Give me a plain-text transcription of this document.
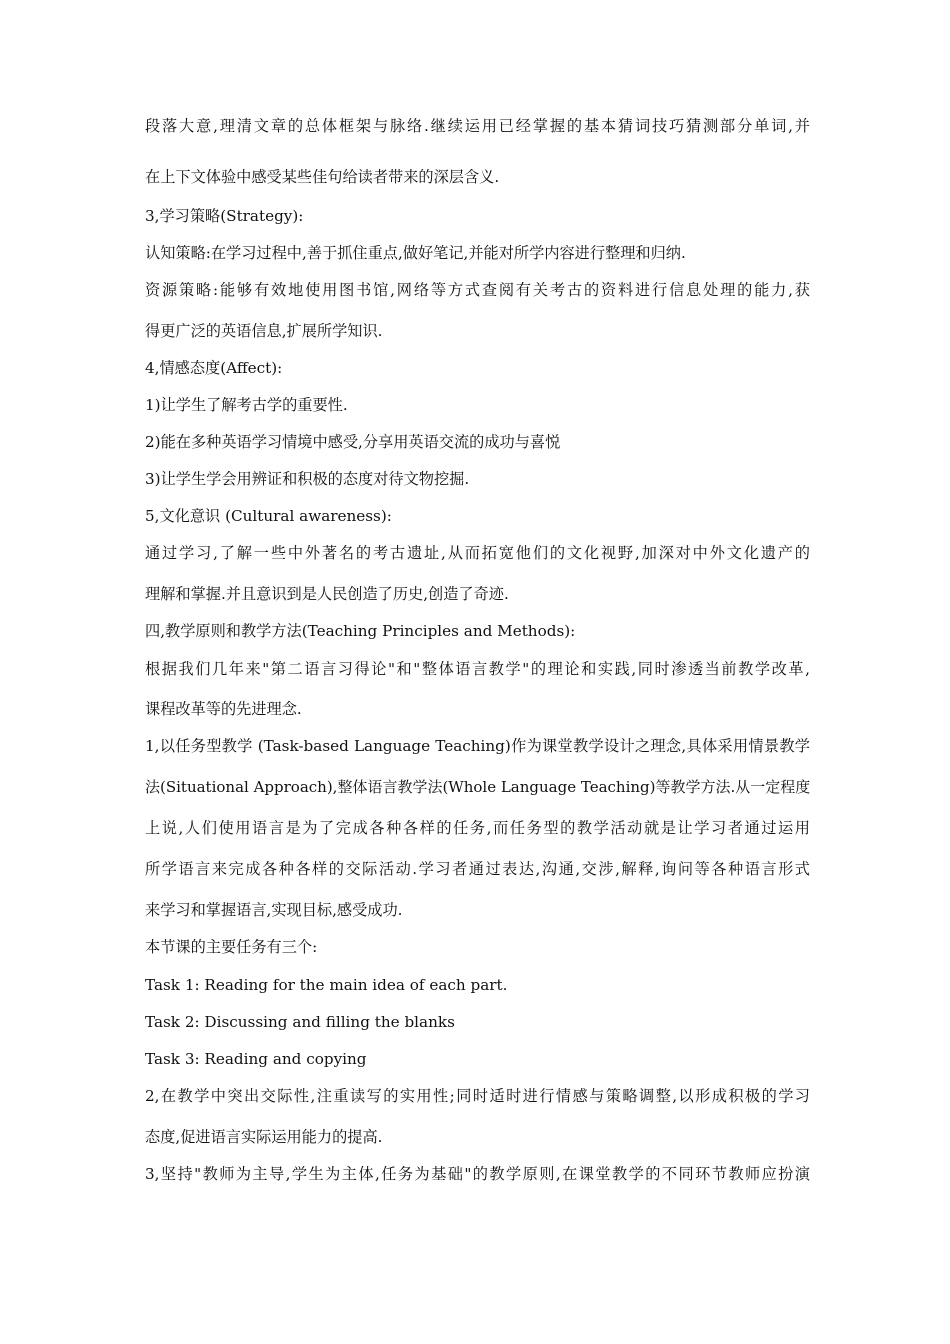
段落大意,理清文章的总体框架与脉络.继续运用已经掌握的基本猜词技巧猜测部分单词,并
在上下文体验中感受某些佳句给读者带来的深层含义.
3,学习策略(Strategy):
认知策略:在学习过程中,善于抓住重点,做好笔记,并能对所学内容进行整理和归纳.
资源策略:能够有效地使用图书馆,网络等方式查阅有关考古的资料进行信息处理的能力,获
得更广泛的英语信息,扩展所学知识.
4,情感态度(Affect):
1)让学生了解考古学的重要性.
2)能在多种英语学习情境中感受,分享用英语交流的成功与喜悦
3)让学生学会用辨证和积极的态度对待文物挖掘.
5,文化意识 (Cultural awareness):
通过学习,了解一些中外著名的考古遗址,从而拓宽他们的文化视野,加深对中外文化遗产的
理解和掌握.并且意识到是人民创造了历史,创造了奇迹.
四,教学原则和教学方法(Teaching Principles and Methods):
根据我们几年来"第二语言习得论"和"整体语言教学"的理论和实践,同时渗透当前教学改革,
课程改革等的先进理念.
1,以任务型教学 (Task-based Language Teaching)作为课堂教学设计之理念,具体采用情景教学
法(Situational Approach),整体语言教学法(Whole Language Teaching)等教学方法.从一定程度
上说,人们使用语言是为了完成各种各样的任务,而任务型的教学活动就是让学习者通过运用
所学语言来完成各种各样的交际活动.学习者通过表达,沟通,交涉,解释,询问等各种语言形式
来学习和掌握语言,实现目标,感受成功.
本节课的主要任务有三个:
Task 1: Reading for the main idea of each part.
Task 2: Discussing and filling the blanks
Task 3: Reading and copying
2,在教学中突出交际性,注重读写的实用性;同时适时进行情感与策略调整,以形成积极的学习
态度,促进语言实际运用能力的提高.
3,坚持"教师为主导,学生为主体,任务为基础"的教学原则,在课堂教学的不同环节教师应扮演
